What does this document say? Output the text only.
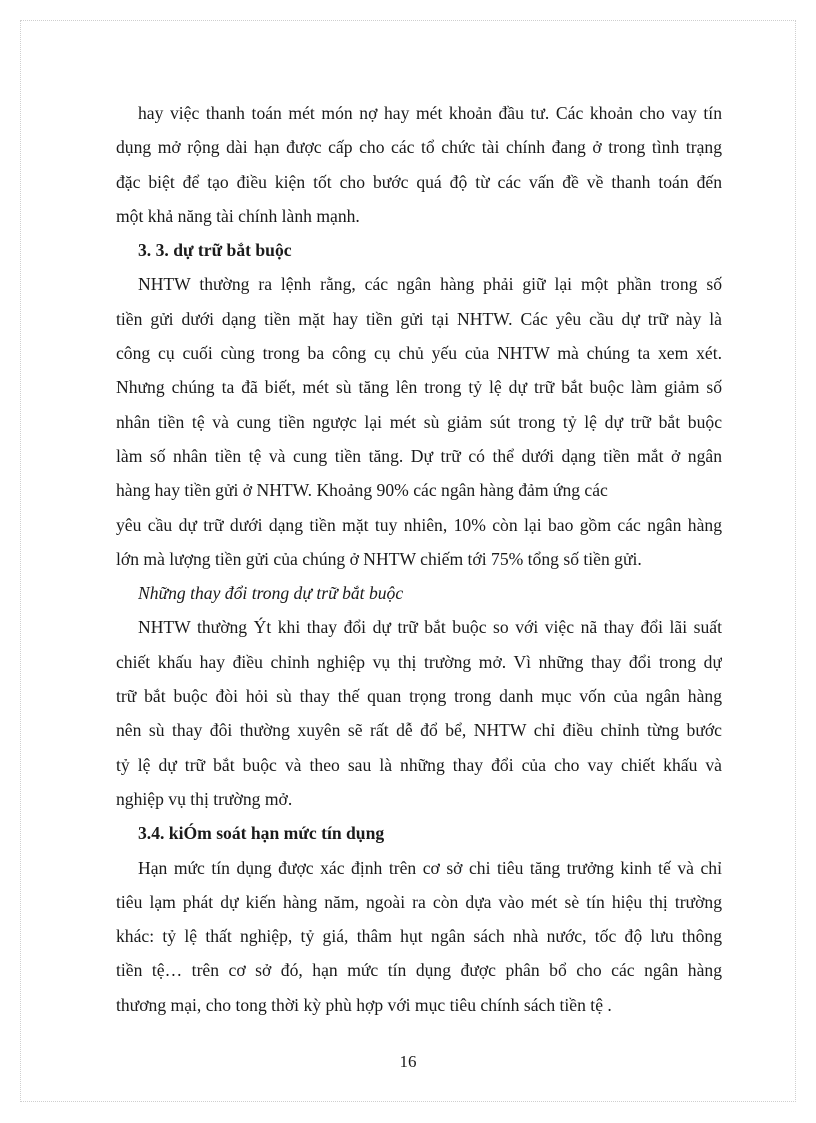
hay việc thanh toán mét món nợ hay mét khoản đầu tư. Các khoản cho vay tín
dụng mở rộng dài hạn được cấp cho các tổ chức tài chính đang ở trong tình trạng
đặc biệt để tạo điều kiện tốt cho bước quá độ từ các vấn đề về thanh toán đến
một khả năng tài chính lành mạnh.
3. 3. dự trữ bắt buộc
NHTW thường ra lệnh rằng, các ngân hàng phải giữ lại một phần trong số
tiền gửi dưới dạng tiền mặt hay tiền gửi tại NHTW. Các yêu cầu dự trữ này là
công cụ cuối cùng trong ba công cụ chủ yếu của NHTW mà chúng ta xem xét.
Nhưng chúng ta đã biết, mét sù tăng lên trong tỷ lệ dự trữ bắt buộc làm giảm số
nhân tiền tệ và cung tiền ngược lại mét sù giảm sút trong tỷ lệ dự trữ bắt buộc
làm số nhân tiền tệ và cung tiền tăng. Dự trữ có thể dưới dạng tiền mắt ở ngân
hàng hay tiền gửi ở NHTW. Khoảng 90% các ngân hàng đảm ứng các
yêu cầu dự trữ dưới dạng tiền mặt tuy nhiên, 10% còn lại bao gồm các ngân hàng
lớn mà lượng tiền gửi của chúng ở NHTW chiếm tới 75% tổng số tiền gửi.
Những thay đổi trong dự trữ bắt buộc
NHTW thường Ýt khi thay đổi dự trữ bắt buộc so với việc nã thay đổi lãi suất
chiết khấu hay điều chỉnh nghiệp vụ thị trường mở. Vì những thay đổi trong dự
trữ bắt buộc đòi hỏi sù thay thế quan trọng trong danh mục vốn của ngân hàng
nên sù thay đôi thường xuyên sẽ rất dễ đổ bể, NHTW chỉ điều chỉnh từng bước
tỷ lệ dự trữ bắt buộc và theo sau là những thay đổi của cho vay chiết khấu và
nghiệp vụ thị trường mở.
3.4. kiÓm soát hạn mức tín dụng
Hạn mức tín dụng được xác định trên cơ sở chi tiêu tăng trưởng kinh tế và chỉ
tiêu lạm phát dự kiến hàng năm, ngoài ra còn dựa vào mét sè tín hiệu thị trường
khác: tỷ lệ thất nghiệp, tỷ giá, thâm hụt ngân sách nhà nước, tốc độ lưu thông
tiền tệ… trên cơ sở đó, hạn mức tín dụng được phân bổ cho các ngân hàng
thương mại, cho tong thời kỳ phù hợp với mục tiêu chính sách tiền tệ .
16
